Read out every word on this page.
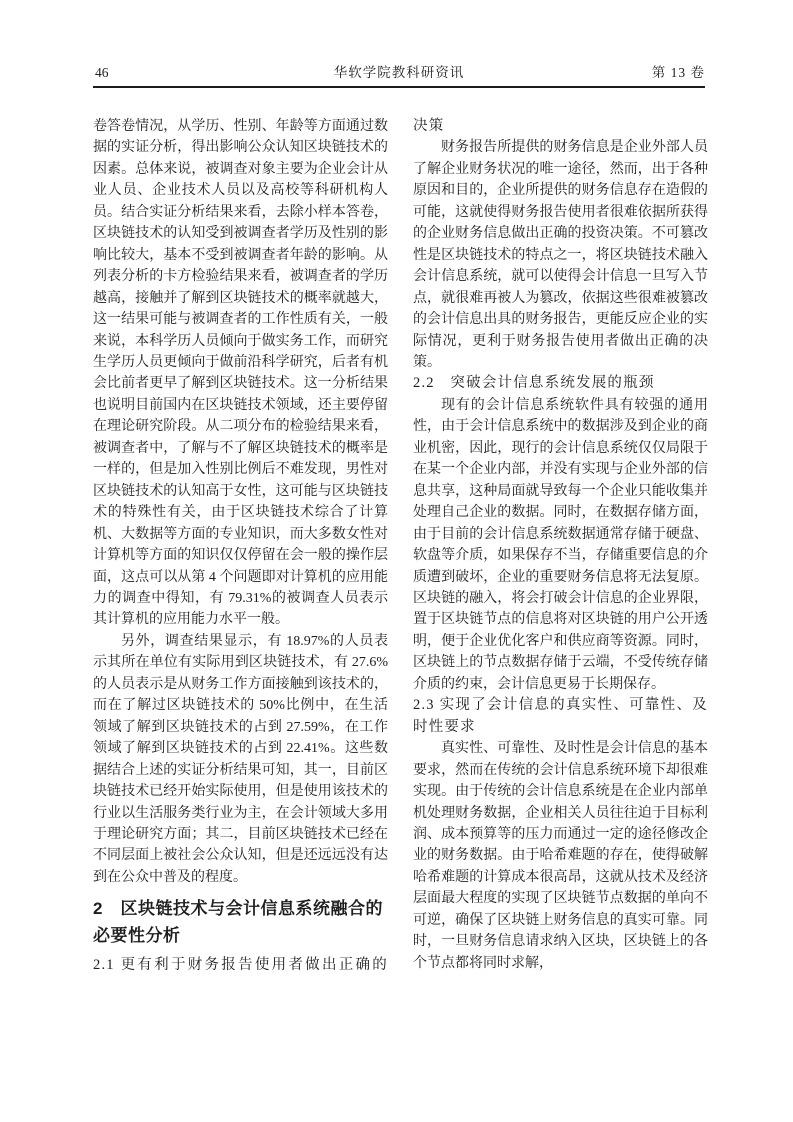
46	华软学院教科研资讯	第 13 卷

卷答卷情况，从学历、性别、年龄等方面通过数据的实证分析，得出影响公众认知区块链技术的因素。总体来说，被调查对象主要为企业会计从业人员、企业技术人员以及高校等科研机构人员。结合实证分析结果来看，去除小样本答卷，区块链技术的认知受到被调查者学历及性别的影响比较大，基本不受到被调查者年龄的影响。从列表分析的卡方检验结果来看，被调查者的学历越高，接触并了解到区块链技术的概率就越大，这一结果可能与被调查者的工作性质有关，一般来说，本科学历人员倾向于做实务工作，而研究生学历人员更倾向于做前沿科学研究，后者有机会比前者更早了解到区块链技术。这一分析结果也说明目前国内在区块链技术领域，还主要停留在理论研究阶段。从二项分布的检验结果来看，被调查者中，了解与不了解区块链技术的概率是一样的，但是加入性别比例后不难发现，男性对区块链技术的认知高于女性，这可能与区块链技术的特殊性有关，由于区块链技术综合了计算机、大数据等方面的专业知识，而大多数女性对计算机等方面的知识仅仅停留在会一般的操作层面，这点可以从第 4 个问题即对计算机的应用能力的调查中得知，有 79.31%的被调查人员表示其计算机的应用能力水平一般。

另外，调查结果显示，有 18.97%的人员表示其所在单位有实际用到区块链技术，有 27.6%的人员表示是从财务工作方面接触到该技术的，而在了解过区块链技术的 50%比例中，在生活领域了解到区块链技术的占到 27.59%，在工作领域了解到区块链技术的占到 22.41%。这些数据结合上述的实证分析结果可知，其一，目前区块链技术已经开始实际使用，但是使用该技术的行业以生活服务类行业为主，在会计领域大多用于理论研究方面；其二，目前区块链技术已经在不同层面上被社会公众认知，但是还远远没有达到在公众中普及的程度。

2　区块链技术与会计信息系统融合的必要性分析
2.1 更有利于财务报告使用者做出正确的
决策

财务报告所提供的财务信息是企业外部人员了解企业财务状况的唯一途径，然而，出于各种原因和目的，企业所提供的财务信息存在造假的可能，这就使得财务报告使用者很难依据所获得的企业财务信息做出正确的投资决策。不可篡改性是区块链技术的特点之一，将区块链技术融入会计信息系统，就可以使得会计信息一旦写入节点，就很难再被人为篡改，依据这些很难被篡改的会计信息出具的财务报告，更能反应企业的实际情况，更利于财务报告使用者做出正确的决策。

2.2　突破会计信息系统发展的瓶颈

现有的会计信息系统软件具有较强的通用性，由于会计信息系统中的数据涉及到企业的商业机密，因此，现行的会计信息系统仅仅局限于在某一个企业内部，并没有实现与企业外部的信息共享，这种局面就导致每一个企业只能收集并处理自己企业的数据。同时，在数据存储方面，由于目前的会计信息系统数据通常存储于硬盘、软盘等介质，如果保存不当，存储重要信息的介质遭到破坏，企业的重要财务信息将无法复原。区块链的融入，将会打破会计信息的企业界限，置于区块链节点的信息将对区块链的用户公开透明，便于企业优化客户和供应商等资源。同时，区块链上的节点数据存储于云端，不受传统存储介质的约束，会计信息更易于长期保存。

2.3 实现了会计信息的真实性、可靠性、及时性要求

真实性、可靠性、及时性是会计信息的基本要求，然而在传统的会计信息系统环境下却很难实现。由于传统的会计信息系统是在企业内部单机处理财务数据，企业相关人员往往迫于目标利润、成本预算等的压力而通过一定的途径修改企业的财务数据。由于哈希难题的存在，使得破解哈希难题的计算成本很高昂，这就从技术及经济层面最大程度的实现了区块链节点数据的单向不可逆，确保了区块链上财务信息的真实可靠。同时，一旦财务信息请求纳入区块，区块链上的各个节点都将同时求解，
